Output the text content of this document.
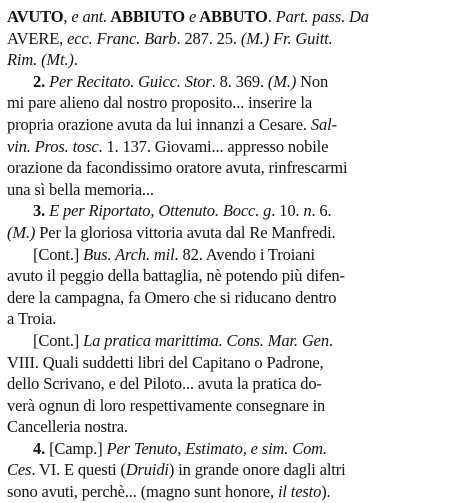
AVUTO, e ant. ABBIUTO e ABBUTO. Part. pass. Da
AVERE, ecc. Franc. Barb. 287. 25. (M.) Fr. Guitt.
Rim. (Mt.).
2. Per Recitato. Guicc. Stor. 8. 369. (M.) Non
mi pare alieno dal nostro proposito... inserire la
propria orazione avuta da lui innanzi a Cesare. Sal-
vin. Pros. tosc. 1. 137. Giovami... appresso nobile
orazione da facondissimo oratore avuta, rinfrescarmi
una sì bella memoria...
3. E per Riportato, Ottenuto. Bocc. g. 10. n. 6.
(M.) Per la gloriosa vittoria avuta dal Re Manfredi.
[Cont.] Bus. Arch. mil. 82. Avendo i Troiani
avuto il peggio della battaglia, nè potendo più difen-
dere la campagna, fa Omero che si riducano dentro
a Troia.
[Cont.] La pratica marittima. Cons. Mar. Gen.
VIII. Quali suddetti libri del Capitano o Padrone,
dello Scrivano, e del Piloto... avuta la pratica do-
verà ognun di loro respettivamente consegnare in
Cancelleria nostra.
4. [Camp.] Per Tenuto, Estimato, e sim. Com.
Ces. VI. E questi (Druidi) in grande onore dagli altri
sono avuti, perchè... (magno sunt honore, il testo).
